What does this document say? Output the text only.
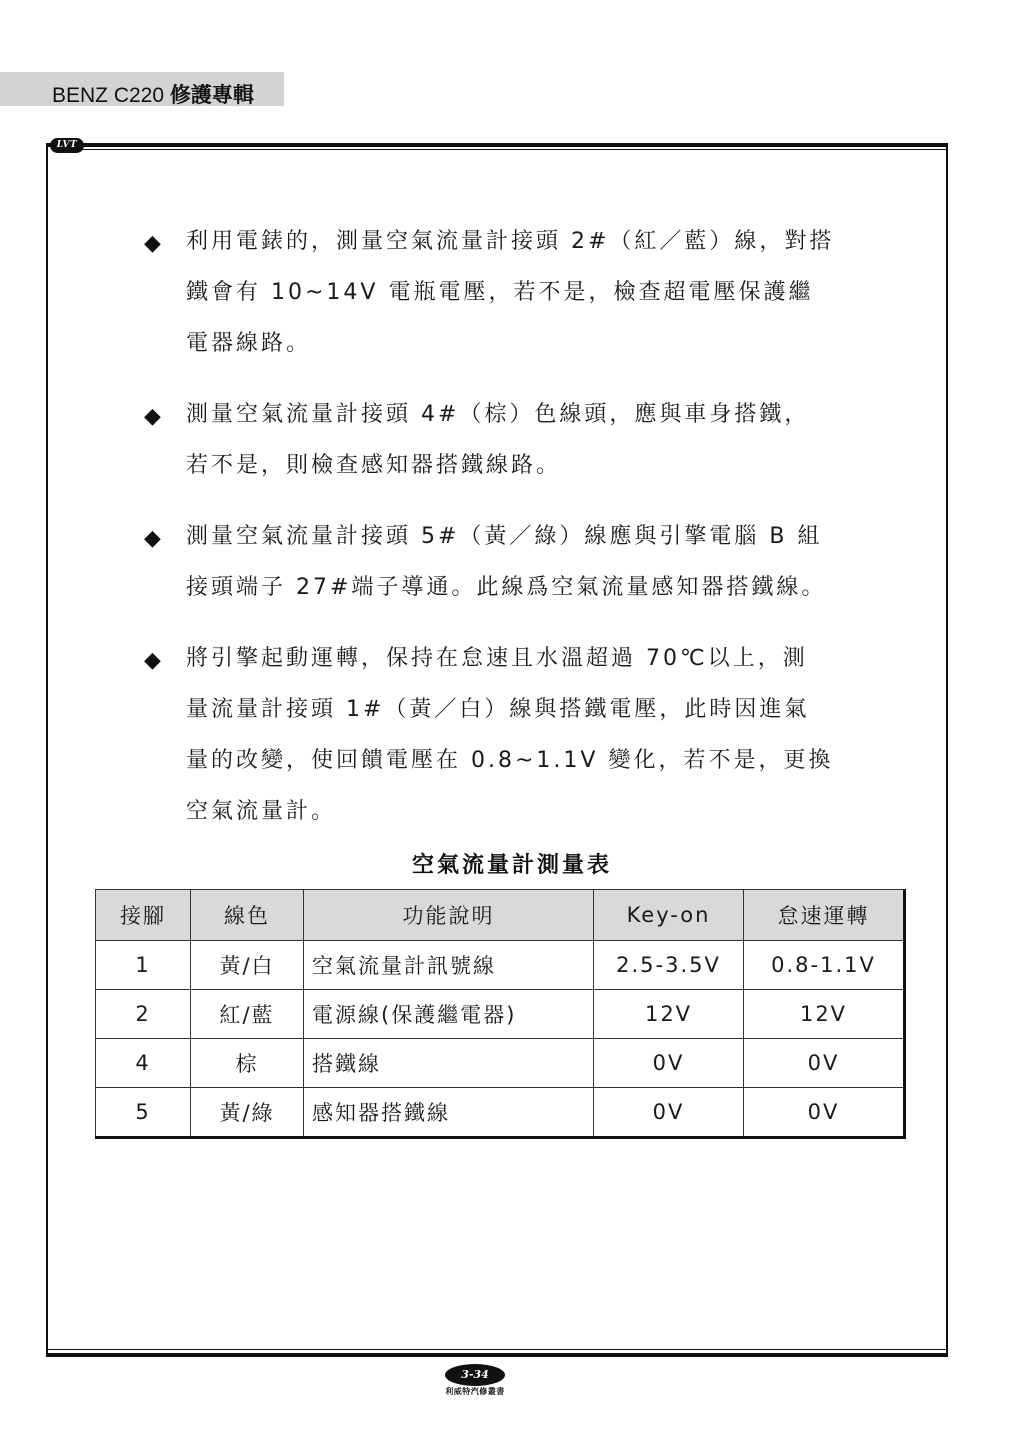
BENZ C220 修護專輯
LVT
◆ 利用電錶的，測量空氣流量計接頭 2#（紅／藍）線，對搭
鐵會有 10~14V 電瓶電壓，若不是，檢查超電壓保護繼
電器線路。
◆ 測量空氣流量計接頭 4#（棕）色線頭，應與車身搭鐵，
若不是，則檢查感知器搭鐵線路。
◆ 測量空氣流量計接頭 5#（黃／綠）線應與引擎電腦 B 組
接頭端子 27#端子導通。此線爲空氣流量感知器搭鐵線。
◆ 將引擎起動運轉，保持在怠速且水溫超過 70℃以上，測
量流量計接頭 1#（黃／白）線與搭鐵電壓，此時因進氣
量的改變，使回饋電壓在 0.8~1.1V 變化，若不是，更換
空氣流量計。
空氣流量計測量表
接腳	線色	功能說明	Key-on	怠速運轉
1	黃/白	空氣流量計訊號線	2.5-3.5V	0.8-1.1V
2	紅/藍	電源線(保護繼電器)	12V	12V
4	棕	搭鐵線	0V	0V
5	黃/綠	感知器搭鐵線	0V	0V
3-34
利威特汽修叢書
